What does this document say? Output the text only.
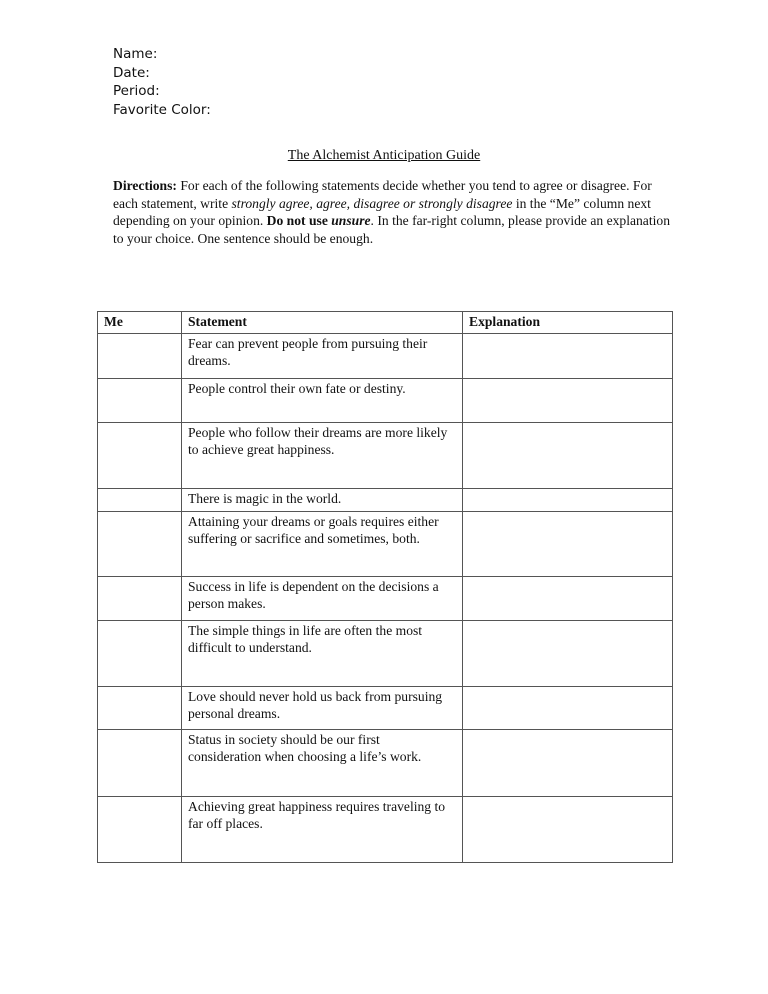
Name:
Date:
Period:
Favorite Color:
The Alchemist Anticipation Guide
Directions: For each of the following statements decide whether you tend to agree or disagree. For each statement, write strongly agree, agree, disagree or strongly disagree in the “Me” column next depending on your opinion. Do not use unsure. In the far-right column, please provide an explanation to your choice. One sentence should be enough.
Me	Statement	Explanation
	Fear can prevent people from pursuing their dreams.	
	People control their own fate or destiny.	
	People who follow their dreams are more likely to achieve great happiness.	
	There is magic in the world.	
	Attaining your dreams or goals requires either suffering or sacrifice and sometimes, both.	
	Success in life is dependent on the decisions a person makes.	
	The simple things in life are often the most difficult to understand.	
	Love should never hold us back from pursuing personal dreams.	
	Status in society should be our first consideration when choosing a life’s work.	
	Achieving great happiness requires traveling to far off places.	
